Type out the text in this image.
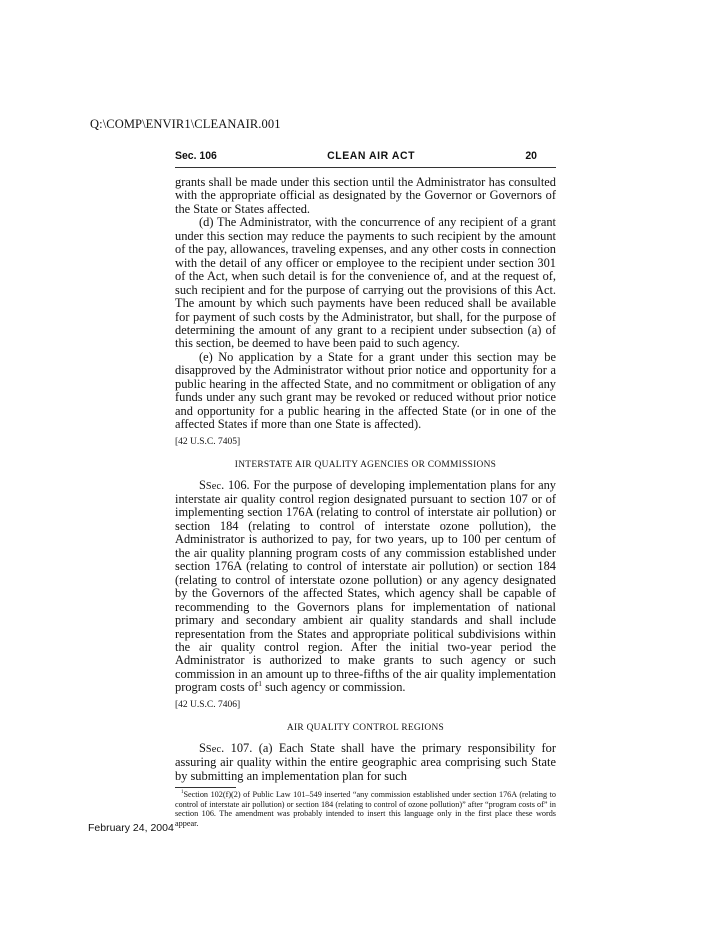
Q:\COMP\ENVIR1\CLEANAIR.001
Sec. 106	CLEAN AIR ACT	20

grants shall be made under this section until the Administrator has consulted with the appropriate official as designated by the Governor or Governors of the State or States affected.

(d) The Administrator, with the concurrence of any recipient of a grant under this section may reduce the payments to such recipient by the amount of the pay, allowances, traveling expenses, and any other costs in connection with the detail of any officer or employee to the recipient under section 301 of the Act, when such detail is for the convenience of, and at the request of, such recipient and for the purpose of carrying out the provisions of this Act. The amount by which such payments have been reduced shall be available for payment of such costs by the Administrator, but shall, for the purpose of determining the amount of any grant to a recipient under subsection (a) of this section, be deemed to have been paid to such agency.

(e) No application by a State for a grant under this section may be disapproved by the Administrator without prior notice and opportunity for a public hearing in the affected State, and no commitment or obligation of any funds under any such grant may be revoked or reduced without prior notice and opportunity for a public hearing in the affected State (or in one of the affected States if more than one State is affected).

[42 U.S.C. 7405]

INTERSTATE AIR QUALITY AGENCIES OR COMMISSIONS

SSec. 106. For the purpose of developing implementation plans for any interstate air quality control region designated pursuant to section 107 or of implementing section 176A (relating to control of interstate air pollution) or section 184 (relating to control of interstate ozone pollution), the Administrator is authorized to pay, for two years, up to 100 per centum of the air quality planning program costs of any commission established under section 176A (relating to control of interstate air pollution) or section 184 (relating to control of interstate ozone pollution) or any agency designated by the Governors of the affected States, which agency shall be capable of recommending to the Governors plans for implementation of national primary and secondary ambient air quality standards and shall include representation from the States and appropriate political subdivisions within the air quality control region. After the initial two-year period the Administrator is authorized to make grants to such agency or such commission in an amount up to three-fifths of the air quality implementation program costs $of^1$ such agency or commission.

[42 U.S.C. 7406]

AIR QUALITY CONTROL REGIONS

SSec. 107. (a) Each State shall have the primary responsibility for assuring air quality within the entire geographic area comprising such State by submitting an implementation plan for such

$^1$Section 102(f)(2) of Public Law 101–549 inserted “any commission established under section 176A (relating to control of interstate air pollution) or section 184 (relating to control of ozone pollution)” after “program costs of” in section 106. The amendment was probably intended to insert this language only in the first place these words appear.

February 24, 2004
